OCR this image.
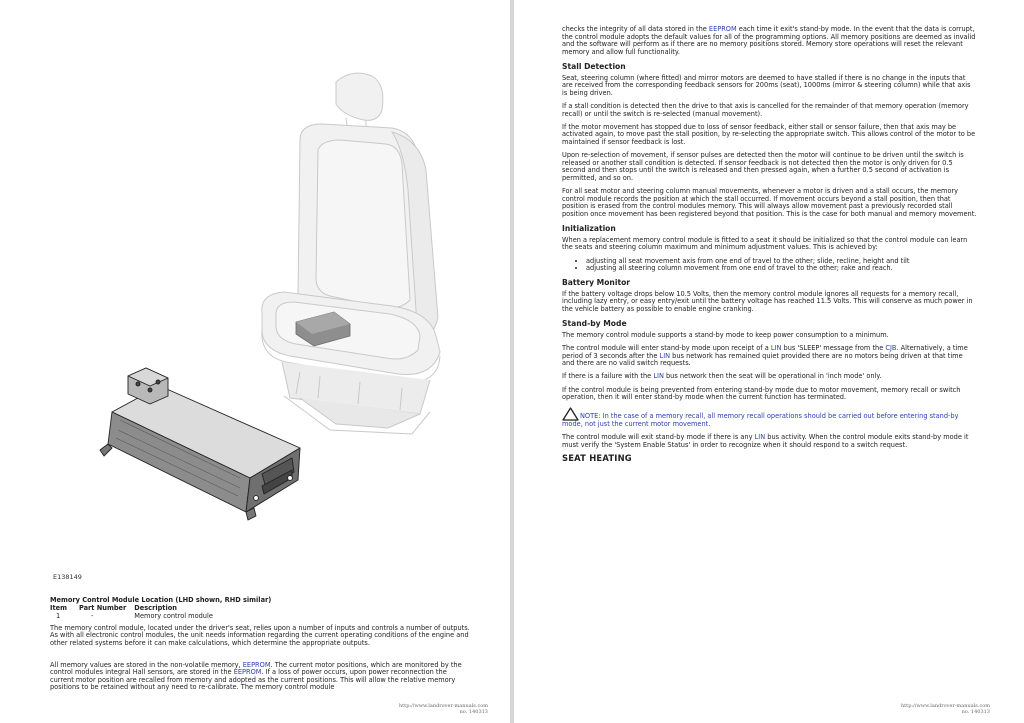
E138149
Memory Control Module Location (LHD shown, RHD similar)
Item	Part Number	Description
1	-	Memory control module

The memory control module, located under the driver's seat, relies upon a number of inputs and controls a number of outputs. As with all electronic control modules, the unit needs information regarding the current operating conditions of the engine and other related systems before it can make calculations, which determine the appropriate outputs.

All memory values are stored in the non-volatile memory, EEPROM. The current motor positions, which are monitored by the control modules integral Hall sensors, are stored in the EEPROM. If a loss of power occurs, upon power reconnection the current motor position are recalled from memory and adopted as the current positions. This will allow the relative memory positions to be retained without any need to re-calibrate. The memory control module

http://www.landrover-manuals.com
no. 140313

checks the integrity of all data stored in the EEPROM each time it exit's stand-by mode. In the event that the data is corrupt, the control module adopts the default values for all of the programming options. All memory positions are deemed as invalid and the software will perform as if there are no memory positions stored. Memory store operations will reset the relevant memory and allow full functionality.

Stall Detection

Seat, steering column (where fitted) and mirror motors are deemed to have stalled if there is no change in the inputs that are received from the corresponding feedback sensors for 200ms (seat), 1000ms (mirror & steering column) while that axis is being driven.

If a stall condition is detected then the drive to that axis is cancelled for the remainder of that memory operation (memory recall) or until the switch is re-selected (manual movement).

If the motor movement has stopped due to loss of sensor feedback, either stall or sensor failure, then that axis may be activated again, to move past the stall position, by re-selecting the appropriate switch. This allows control of the motor to be maintained if sensor feedback is lost.

Upon re-selection of movement, if sensor pulses are detected then the motor will continue to be driven until the switch is released or another stall condition is detected. If sensor feedback is not detected then the motor is only driven for 0.5 second and then stops until the switch is released and then pressed again, when a further 0.5 second of activation is permitted, and so on.

For all seat motor and steering column manual movements, whenever a motor is driven and a stall occurs, the memory control module records the position at which the stall occurred. If movement occurs beyond a stall position, then that position is erased from the control modules memory. This will always allow movement past a previously recorded stall position once movement has been registered beyond that position. This is the case for both manual and memory movement.

Initialization

When a replacement memory control module is fitted to a seat it should be initialized so that the control module can learn the seats and steering column maximum and minimum adjustment values. This is achieved by:

• adjusting all seat movement axis from one end of travel to the other; slide, recline, height and tilt
• adjusting all steering column movement from one end of travel to the other; rake and reach.
Battery Monitor

If the battery voltage drops below 10.5 Volts, then the memory control module ignores all requests for a memory recall, including lazy entry, or easy entry/exit until the battery voltage has reached 11.5 Volts. This will conserve as much power in the vehicle battery as possible to enable engine cranking.

Stand-by Mode

The memory control module supports a stand-by mode to keep power consumption to a minimum.

The control module will enter stand-by mode upon receipt of a LIN bus 'SLEEP' message from the CJB. Alternatively, a time period of 3 seconds after the LIN bus network has remained quiet provided there are no motors being driven at that time and there are no valid switch requests.

If there is a failure with the LIN bus network then the seat will be operational in 'inch mode' only.

If the control module is being prevented from entering stand-by mode due to motor movement, memory recall or switch operation, then it will enter stand-by mode when the current function has terminated.

NOTE: In the case of a memory recall, all memory recall operations should be carried out before entering stand-by mode, not just the current motor movement.

The control module will exit stand-by mode if there is any LIN bus activity. When the control module exits stand-by mode it must verify the 'System Enable Status' in order to recognize when it should respond to a switch request.

SEAT HEATING
http://www.landrover-manuals.com
no. 140313
